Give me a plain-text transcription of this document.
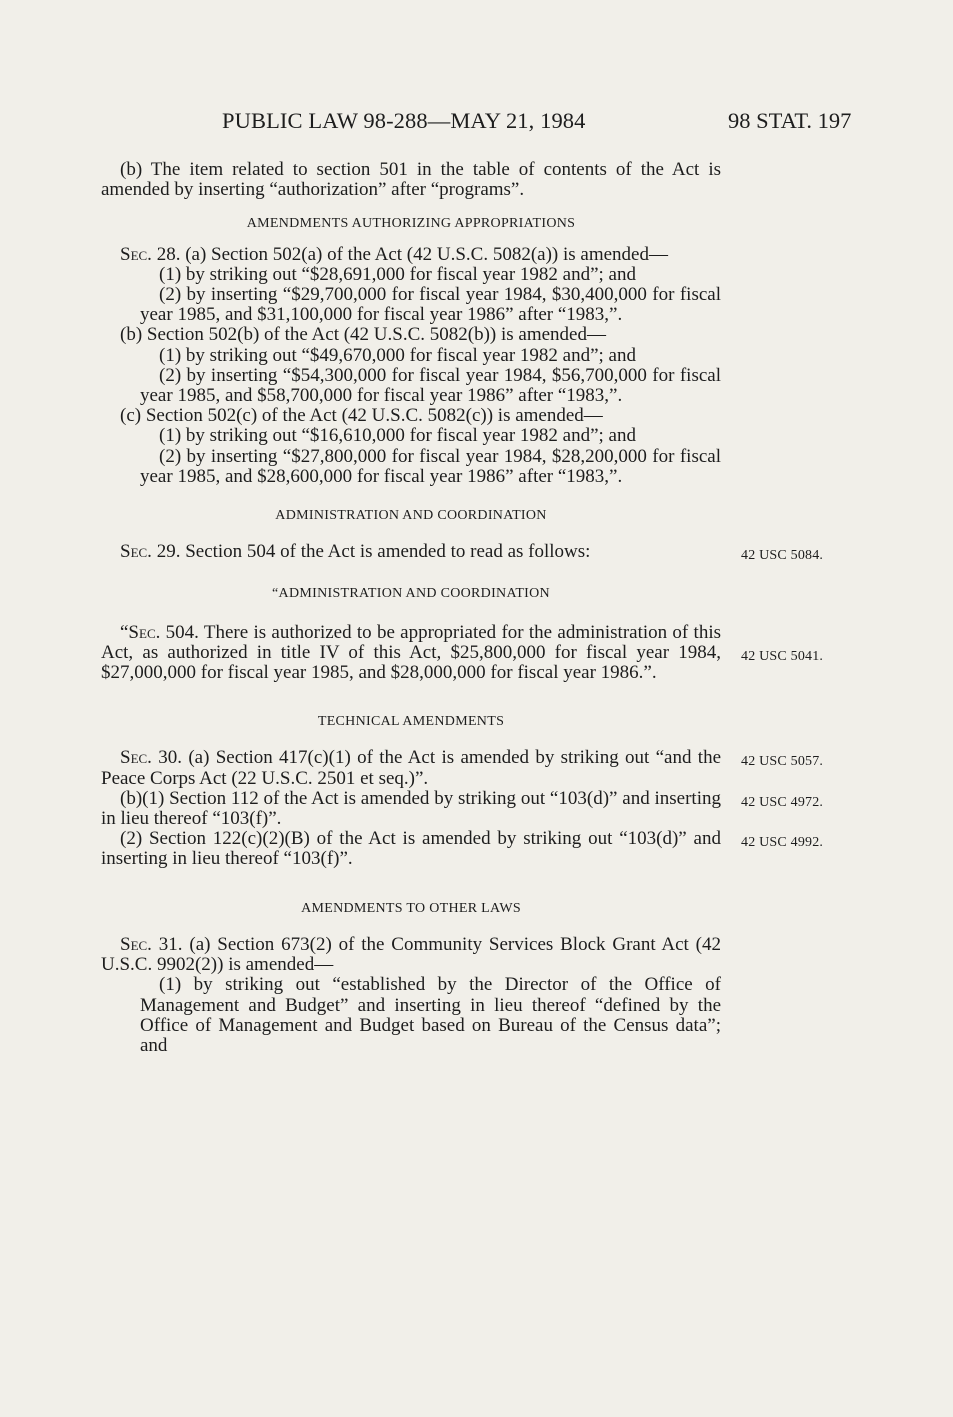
PUBLIC LAW 98-288—MAY 21, 1984	98 STAT. 197

(b) The item related to section 501 in the table of contents of the Act is amended by inserting “authorization” after “programs”.

AMENDMENTS AUTHORIZING APPROPRIATIONS

Sec. 28. (a) Section 502(a) of the Act (42 U.S.C. 5082(a)) is amended—

(1) by striking out “$28,691,000 for fiscal year 1982 and”; and

(2) by inserting “$29,700,000 for fiscal year 1984, $30,400,000 for fiscal year 1985, and $31,100,000 for fiscal year 1986” after “1983,”.

(b) Section 502(b) of the Act (42 U.S.C. 5082(b)) is amended—

(1) by striking out “$49,670,000 for fiscal year 1982 and”; and

(2) by inserting “$54,300,000 for fiscal year 1984, $56,700,000 for fiscal year 1985, and $58,700,000 for fiscal year 1986” after “1983,”.

(c) Section 502(c) of the Act (42 U.S.C. 5082(c)) is amended—

(1) by striking out “$16,610,000 for fiscal year 1982 and”; and

(2) by inserting “$27,800,000 for fiscal year 1984, $28,200,000 for fiscal year 1985, and $28,600,000 for fiscal year 1986” after “1983,”.

ADMINISTRATION AND COORDINATION

Sec. 29. Section 504 of the Act is amended to read as follows:	42 USC 5084.

“ADMINISTRATION AND COORDINATION

“Sec. 504. There is authorized to be appropriated for the administration of this Act, as authorized in title IV of this Act, $25,800,000 for fiscal year 1984, $27,000,000 for fiscal year 1985, and $28,000,000 for fiscal year 1986.”.

42 USC 5041.

TECHNICAL AMENDMENTS

Sec. 30. (a) Section 417(c)(1) of the Act is amended by striking out “and the Peace Corps Act (22 U.S.C. 2501 et seq.)”.

42 USC 5057.

(b)(1) Section 112 of the Act is amended by striking out “103(d)” and inserting in lieu thereof “103(f)”.

42 USC 4972.

(2) Section 122(c)(2)(B) of the Act is amended by striking out “103(d)” and inserting in lieu thereof “103(f)”.

42 USC 4992.

AMENDMENTS TO OTHER LAWS

Sec. 31. (a) Section 673(2) of the Community Services Block Grant Act (42 U.S.C. 9902(2)) is amended—

(1) by striking out “established by the Director of the Office of Management and Budget” and inserting in lieu thereof “defined by the Office of Management and Budget based on Bureau of the Census data”; and
